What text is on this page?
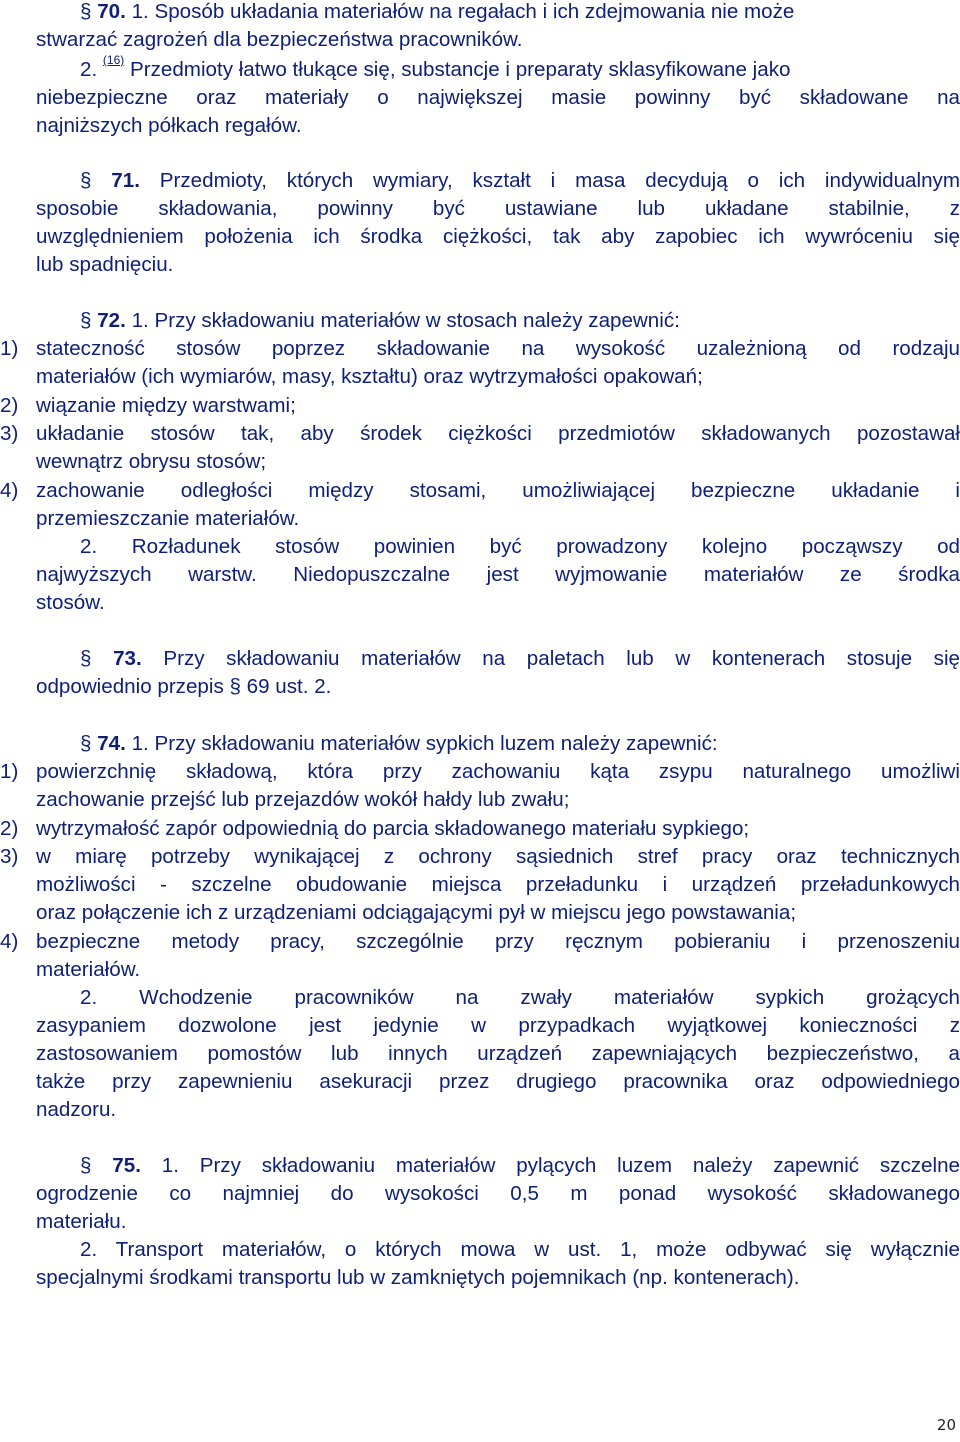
§ 70. 1. Sposób układania materiałów na regałach i ich zdejmowania nie może
stwarzać zagrożeń dla bezpieczeństwa pracowników.
2. $^{(16)}$ Przedmioty łatwo tłukące się, substancje i preparaty sklasyfikowane jako
niebezpieczne oraz materiały o największej masie powinny być składowane na
najniższych półkach regałów.
§ 71. Przedmioty, których wymiary, kształt i masa decydują o ich indywidualnym
sposobie składowania, powinny być ustawiane lub układane stabilnie, z
uwzględnieniem położenia ich środka ciężkości, tak aby zapobiec ich wywróceniu się
lub spadnięciu.
§ 72. 1. Przy składowaniu materiałów w stosach należy zapewnić:
1) stateczność stosów poprzez składowanie na wysokość uzależnioną od rodzaju
materiałów (ich wymiarów, masy, kształtu) oraz wytrzymałości opakowań;
2) wiązanie między warstwami;
3) układanie stosów tak, aby środek ciężkości przedmiotów składowanych pozostawał
wewnątrz obrysu stosów;
4) zachowanie odległości między stosami, umożliwiającej bezpieczne układanie i
przemieszczanie materiałów.
2. Rozładunek stosów powinien być prowadzony kolejno począwszy od
najwyższych warstw. Niedopuszczalne jest wyjmowanie materiałów ze środka
stosów.
§ 73. Przy składowaniu materiałów na paletach lub w kontenerach stosuje się
odpowiednio przepis § 69 ust. 2.
§ 74. 1. Przy składowaniu materiałów sypkich luzem należy zapewnić:
1) powierzchnię składową, która przy zachowaniu kąta zsypu naturalnego umożliwi
zachowanie przejść lub przejazdów wokół hałdy lub zwału;
2) wytrzymałość zapór odpowiednią do parcia składowanego materiału sypkiego;
3) w miarę potrzeby wynikającej z ochrony sąsiednich stref pracy oraz technicznych
możliwości - szczelne obudowanie miejsca przeładunku i urządzeń przeładunkowych
oraz połączenie ich z urządzeniami odciągającymi pył w miejscu jego powstawania;
4) bezpieczne metody pracy, szczególnie przy ręcznym pobieraniu i przenoszeniu
materiałów.
2. Wchodzenie pracowników na zwały materiałów sypkich grożących
zasypaniem dozwolone jest jedynie w przypadkach wyjątkowej konieczności z
zastosowaniem pomostów lub innych urządzeń zapewniających bezpieczeństwo, a
także przy zapewnieniu asekuracji przez drugiego pracownika oraz odpowiedniego
nadzoru.
§ 75. 1. Przy składowaniu materiałów pylących luzem należy zapewnić szczelne
ogrodzenie co najmniej do wysokości 0,5 m ponad wysokość składowanego
materiału.
2. Transport materiałów, o których mowa w ust. 1, może odbywać się wyłącznie
specjalnymi środkami transportu lub w zamkniętych pojemnikach (np. kontenerach).
20
